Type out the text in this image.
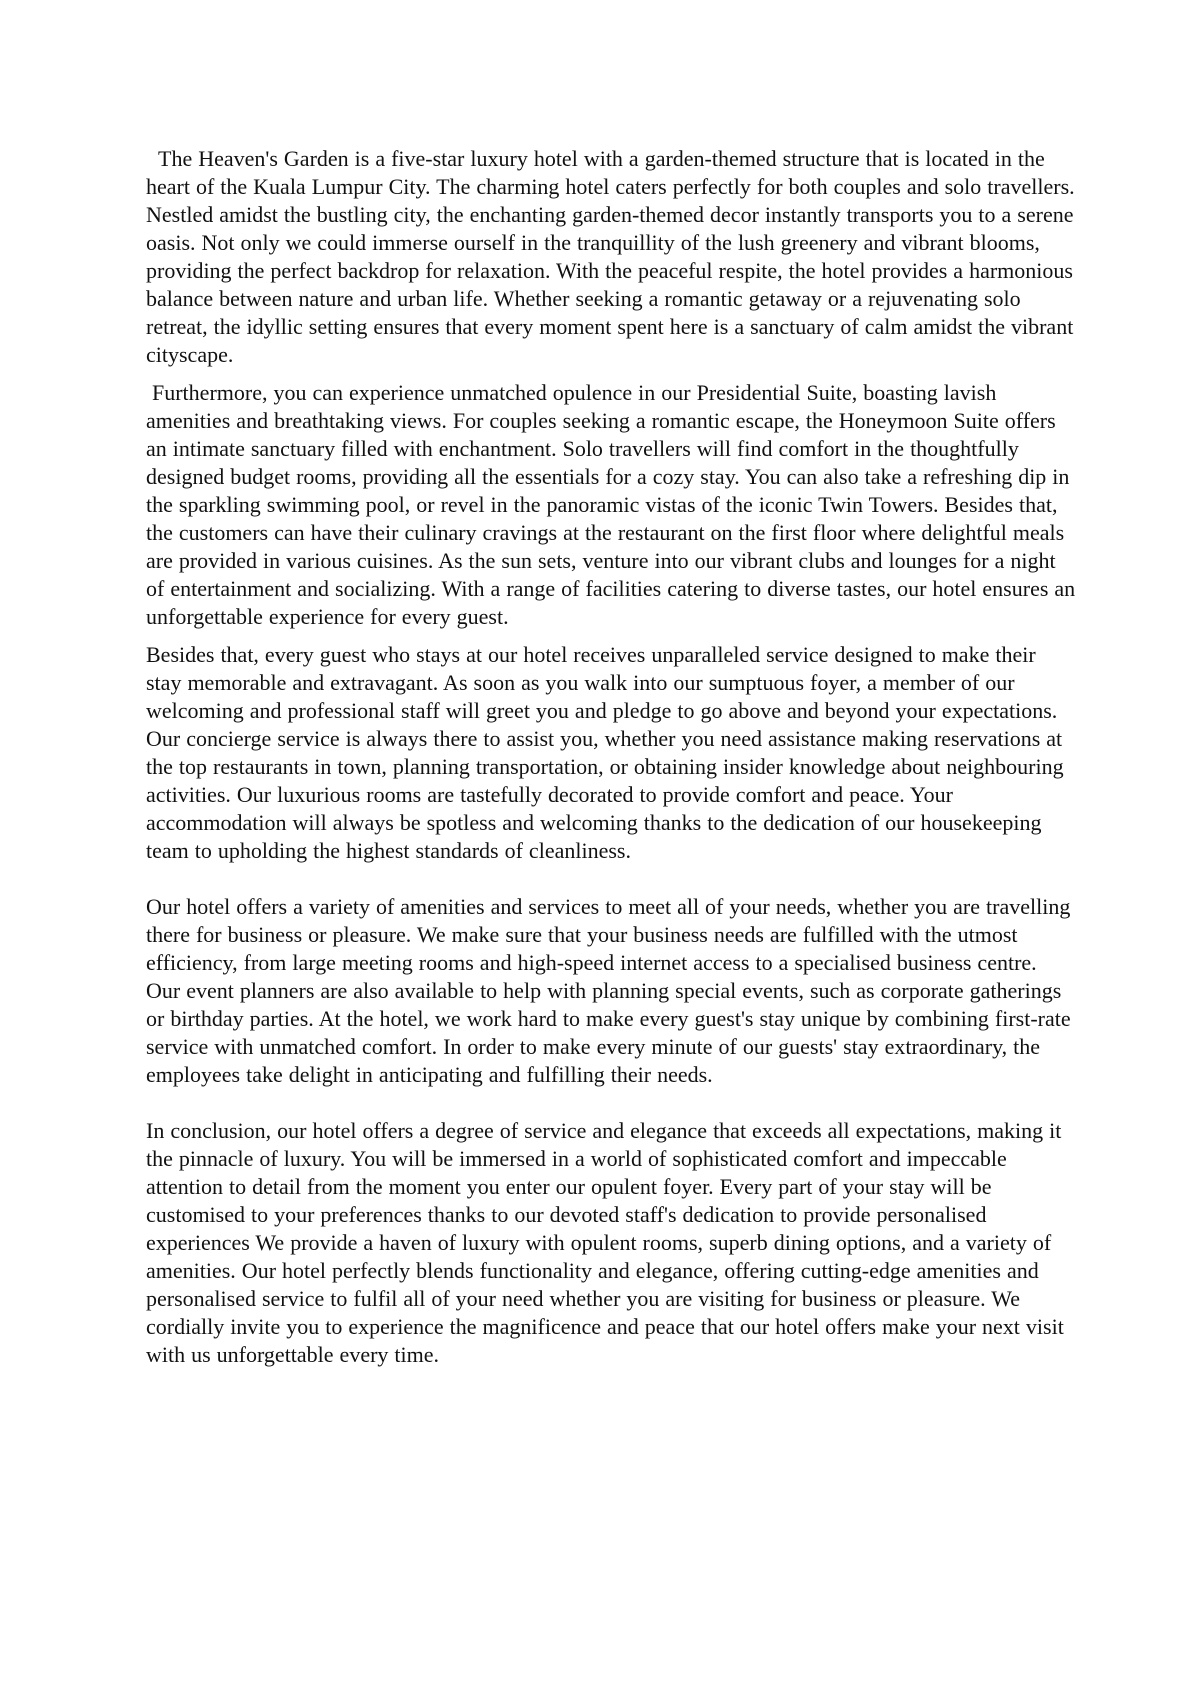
The Heaven's Garden is a five-star luxury hotel with a garden-themed structure that is located in the heart of the Kuala Lumpur City. The charming hotel caters perfectly for both couples and solo travellers. Nestled amidst the bustling city, the enchanting garden-themed decor instantly transports you to a serene oasis. Not only we could immerse ourself in the tranquillity of the lush greenery and vibrant blooms, providing the perfect backdrop for relaxation. With the peaceful respite, the hotel provides a harmonious balance between nature and urban life. Whether seeking a romantic getaway or a rejuvenating solo retreat, the idyllic setting ensures that every moment spent here is a sanctuary of calm amidst the vibrant cityscape.

Furthermore, you can experience unmatched opulence in our Presidential Suite, boasting lavish amenities and breathtaking views. For couples seeking a romantic escape, the Honeymoon Suite offers an intimate sanctuary filled with enchantment. Solo travellers will find comfort in the thoughtfully designed budget rooms, providing all the essentials for a cozy stay. You can also take a refreshing dip in the sparkling swimming pool, or revel in the panoramic vistas of the iconic Twin Towers. Besides that, the customers can have their culinary cravings at the restaurant on the first floor where delightful meals are provided in various cuisines. As the sun sets, venture into our vibrant clubs and lounges for a night of entertainment and socializing. With a range of facilities catering to diverse tastes, our hotel ensures an unforgettable experience for every guest.

Besides that, every guest who stays at our hotel receives unparalleled service designed to make their stay memorable and extravagant. As soon as you walk into our sumptuous foyer, a member of our welcoming and professional staff will greet you and pledge to go above and beyond your expectations. Our concierge service is always there to assist you, whether you need assistance making reservations at the top restaurants in town, planning transportation, or obtaining insider knowledge about neighbouring activities. Our luxurious rooms are tastefully decorated to provide comfort and peace. Your accommodation will always be spotless and welcoming thanks to the dedication of our housekeeping team to upholding the highest standards of cleanliness.

Our hotel offers a variety of amenities and services to meet all of your needs, whether you are travelling there for business or pleasure. We make sure that your business needs are fulfilled with the utmost efficiency, from large meeting rooms and high-speed internet access to a specialised business centre. Our event planners are also available to help with planning special events, such as corporate gatherings or birthday parties. At the hotel, we work hard to make every guest's stay unique by combining first-rate service with unmatched comfort. In order to make every minute of our guests' stay extraordinary, the employees take delight in anticipating and fulfilling their needs.

In conclusion, our hotel offers a degree of service and elegance that exceeds all expectations, making it the pinnacle of luxury. You will be immersed in a world of sophisticated comfort and impeccable attention to detail from the moment you enter our opulent foyer. Every part of your stay will be customised to your preferences thanks to our devoted staff's dedication to provide personalised experiences We provide a haven of luxury with opulent rooms, superb dining options, and a variety of amenities. Our hotel perfectly blends functionality and elegance, offering cutting-edge amenities and personalised service to fulfil all of your need whether you are visiting for business or pleasure. We cordially invite you to experience the magnificence and peace that our hotel offers make your next visit with us unforgettable every time.
